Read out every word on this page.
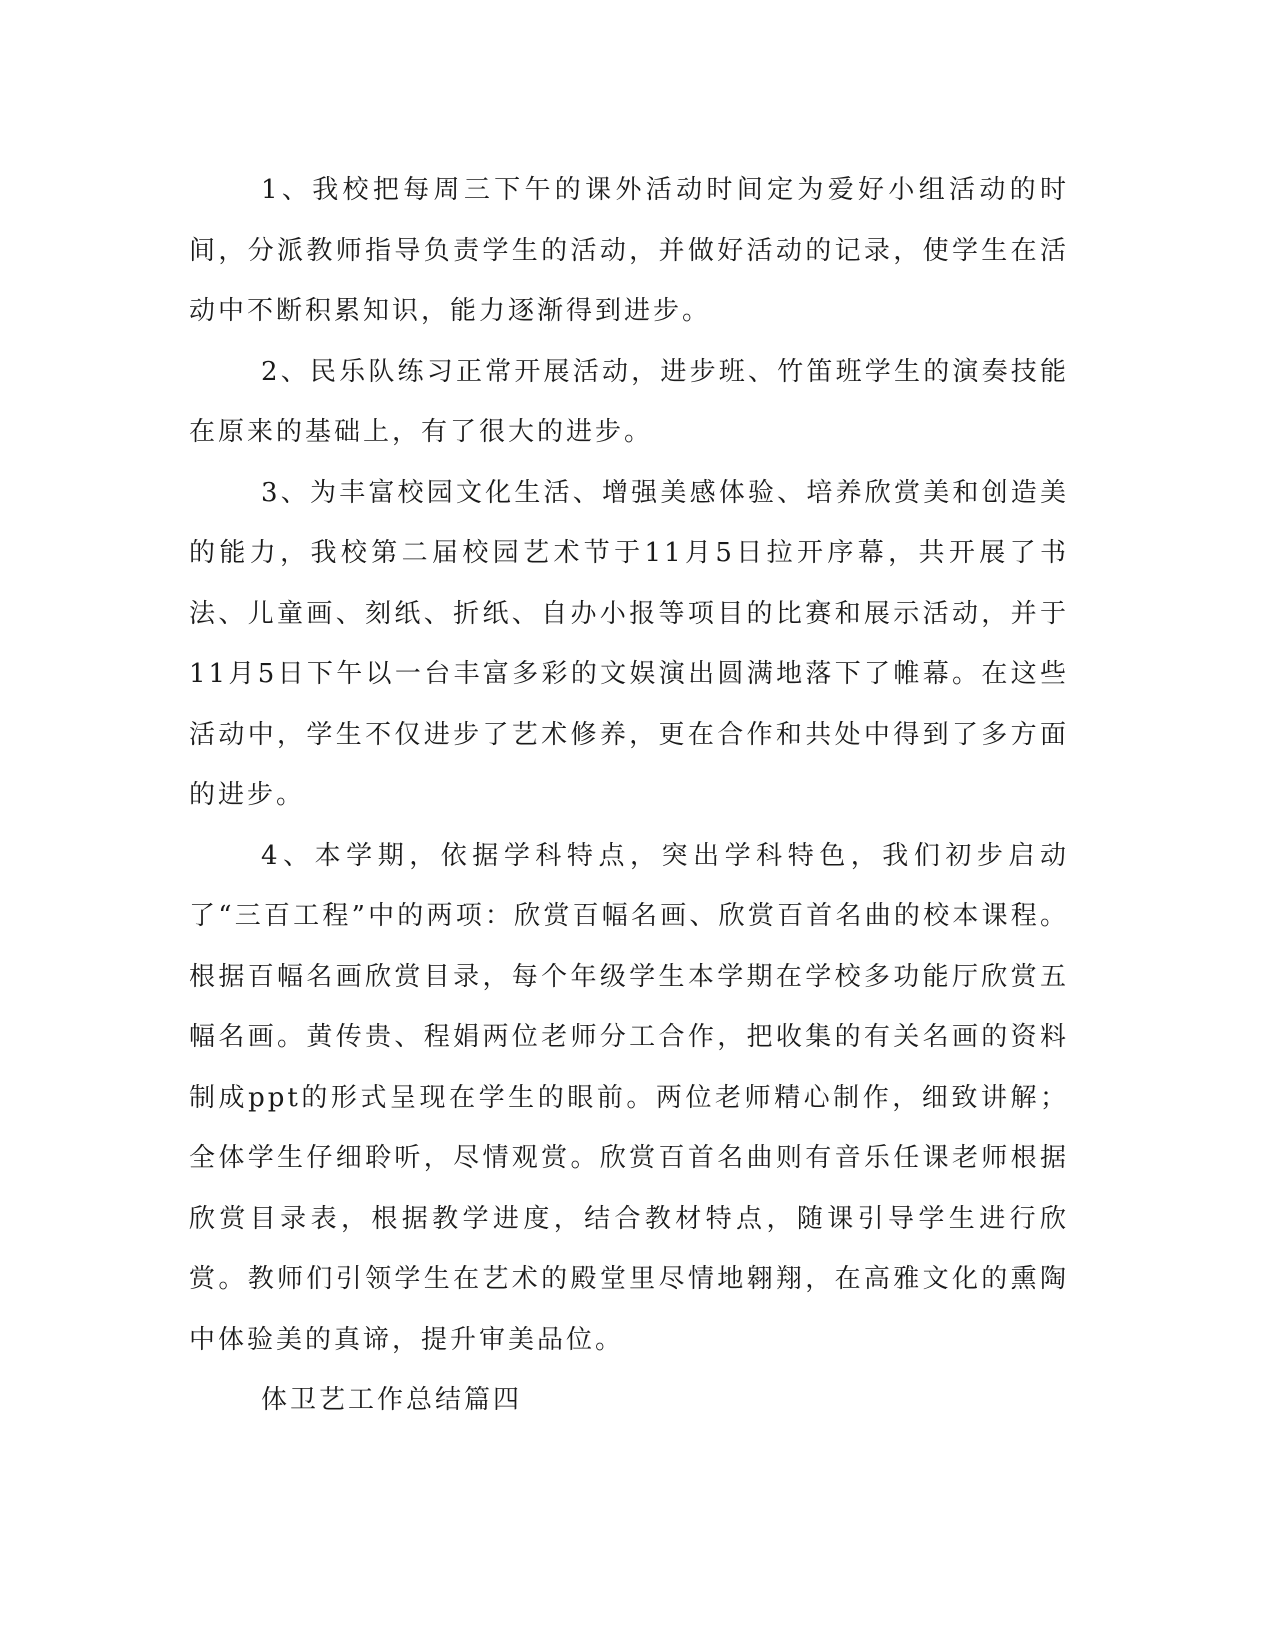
1、我校把每周三下午的课外活动时间定为爱好小组活动的时间，分派教师指导负责学生的活动，并做好活动的记录，使学生在活动中不断积累知识，能力逐渐得到进步。

2、民乐队练习正常开展活动，进步班、竹笛班学生的演奏技能在原来的基础上，有了很大的进步。

3、为丰富校园文化生活、增强美感体验、培养欣赏美和创造美的能力，我校第二届校园艺术节于11月5日拉开序幕，共开展了书法、儿童画、刻纸、折纸、自办小报等项目的比赛和展示活动，并于11月5日下午以一台丰富多彩的文娱演出圆满地落下了帷幕。在这些活动中，学生不仅进步了艺术修养，更在合作和共处中得到了多方面的进步。

4、本学期，依据学科特点，突出学科特色，我们初步启动了“三百工程”中的两项：欣赏百幅名画、欣赏百首名曲的校本课程。根据百幅名画欣赏目录，每个年级学生本学期在学校多功能厅欣赏五幅名画。黄传贵、程娟两位老师分工合作，把收集的有关名画的资料制成ppt的形式呈现在学生的眼前。两位老师精心制作，细致讲解；全体学生仔细聆听，尽情观赏。欣赏百首名曲则有音乐任课老师根据欣赏目录表，根据教学进度，结合教材特点，随课引导学生进行欣赏。教师们引领学生在艺术的殿堂里尽情地翱翔，在高雅文化的熏陶中体验美的真谛，提升审美品位。

体卫艺工作总结篇四
